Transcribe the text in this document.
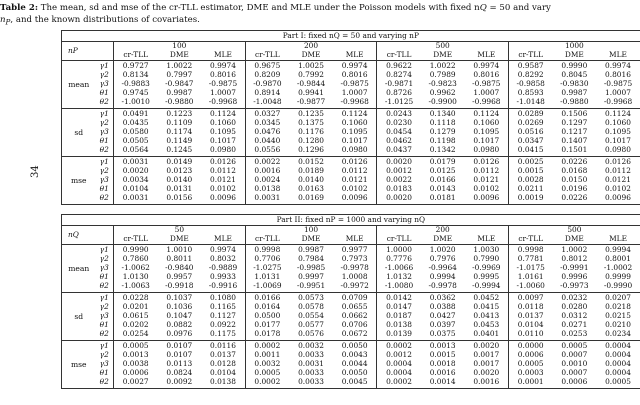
Table 2: The mean, sd and mse of the cr-TLL estimator, DME and MLE under the Poisson models with fixed nQ = 50 and vary
$n_P$, and the known distributions of covariates.
34
Part I: fixed nQ = 50 and varying nP													
nP		100			200			500			1000		
		cr-TLL	DME	MLE	cr-TLL	DME	MLE	cr-TLL	DME	MLE	cr-TLL	DME	MLE
mean	γ1	0.9727	1.0022	0.9974	0.9675	1.0025	0.9974	0.9622	1.0022	0.9974	0.9587	0.9990	0.9974
	γ2	0.8134	0.7997	0.8016	0.8209	0.7992	0.8016	0.8274	0.7989	0.8016	0.8292	0.8045	0.8016
	γ3	-0.9883	-0.9847	-0.9875	-0.9870	-0.9844	-0.9875	-0.9871	-0.9823	-0.9875	-0.9858	-0.9830	-0.9875
	θ1	0.9745	0.9987	1.0007	0.8914	0.9941	1.0007	0.8726	0.9962	1.0007	0.8593	0.9987	1.0007
	θ2	-1.0010	-0.9880	-0.9968	-1.0048	-0.9877	-0.9968	-1.0125	-0.9900	-0.9968	-1.0148	-0.9880	-0.9968
sd	γ1	0.0491	0.1223	0.1124	0.0327	0.1235	0.1124	0.0243	0.1340	0.1124	0.0289	0.1506	0.1124
	γ2	0.0435	0.1109	0.1060	0.0345	0.1375	0.1060	0.0230	0.1118	0.1060	0.0269	0.1297	0.1060
	γ3	0.0580	0.1174	0.1095	0.0476	0.1176	0.1095	0.0454	0.1279	0.1095	0.0516	0.1217	0.1095
	θ1	0.0505	0.1149	0.1017	0.0440	0.1280	0.1017	0.0462	0.1198	0.1017	0.0347	0.1407	0.1017
	θ2	0.0564	0.1245	0.0980	0.0556	0.1296	0.0980	0.0437	0.1342	0.0980	0.0415	0.1501	0.0980
mse	γ1	0.0031	0.0149	0.0126	0.0022	0.0152	0.0126	0.0020	0.0179	0.0126	0.0025	0.0226	0.0126
	γ2	0.0020	0.0123	0.0112	0.0016	0.0189	0.0112	0.0012	0.0125	0.0112	0.0015	0.0168	0.0112
	γ3	0.0034	0.0140	0.0121	0.0024	0.0140	0.0121	0.0022	0.0166	0.0121	0.0028	0.0150	0.0121
	θ1	0.0104	0.0131	0.0102	0.0138	0.0163	0.0102	0.0183	0.0143	0.0102	0.0211	0.0196	0.0102
	θ2	0.0031	0.0156	0.0096	0.0031	0.0169	0.0096	0.0020	0.0181	0.0096	0.0019	0.0226	0.0096
Part II: fixed nP = 1000 and varying nQ													
nQ		50			100			200			500		
		cr-TLL	DME	MLE	cr-TLL	DME	MLE	cr-TLL	DME	MLE	cr-TLL	DME	MLE
mean	γ1	0.9990	1.0010	0.9974	0.9998	0.9987	0.9977	1.0000	1.0020	1.0030	0.9998	1.0002	0.9994
	γ2	0.7860	0.8011	0.8032	0.7706	0.7984	0.7973	0.7776	0.7976	0.7990	0.7781	0.8012	0.8001
	γ3	-1.0062	-0.9840	-0.9889	-1.0275	-0.9985	-0.9978	-1.0066	-0.9964	-0.9969	-1.0175	-0.9991	-1.0002
	θ1	1.0130	0.9957	0.9933	1.0131	0.9997	1.0008	1.0132	0.9994	0.9995	1.0161	0.9996	0.9999
	θ2	-1.0063	-0.9918	-0.9916	-1.0069	-0.9951	-0.9972	-1.0080	-0.9978	-0.9994	-1.0060	-0.9973	-0.9990
sd	γ1	0.0228	0.1037	0.1080	0.0166	0.0573	0.0709	0.0142	0.0362	0.0452	0.0097	0.0232	0.0207
	γ2	0.0201	0.1036	0.1165	0.0164	0.0578	0.0655	0.0147	0.0388	0.0415	0.0118	0.0280	0.0218
	γ3	0.0615	0.1047	0.1127	0.0500	0.0554	0.0662	0.0187	0.0427	0.0413	0.0137	0.0312	0.0215
	θ1	0.0202	0.0882	0.0922	0.0177	0.0577	0.0706	0.0138	0.0397	0.0453	0.0104	0.0271	0.0210
	θ2	0.0254	0.0976	0.1175	0.0178	0.0576	0.0672	0.0139	0.0375	0.0401	0.0110	0.0253	0.0234
mse	γ1	0.0005	0.0107	0.0116	0.0002	0.0032	0.0050	0.0002	0.0013	0.0020	0.0000	0.0005	0.0004
	γ2	0.0013	0.0107	0.0137	0.0011	0.0033	0.0043	0.0012	0.0015	0.0017	0.0006	0.0007	0.0004
	γ3	0.0038	0.0113	0.0128	0.0032	0.0031	0.0044	0.0004	0.0018	0.0017	0.0005	0.0010	0.0004
	θ1	0.0006	0.0824	0.0104	0.0005	0.0033	0.0050	0.0004	0.0016	0.0020	0.0003	0.0007	0.0004
	θ2	0.0027	0.0092	0.0138	0.0002	0.0033	0.0045	0.0002	0.0014	0.0016	0.0001	0.0006	0.0005
